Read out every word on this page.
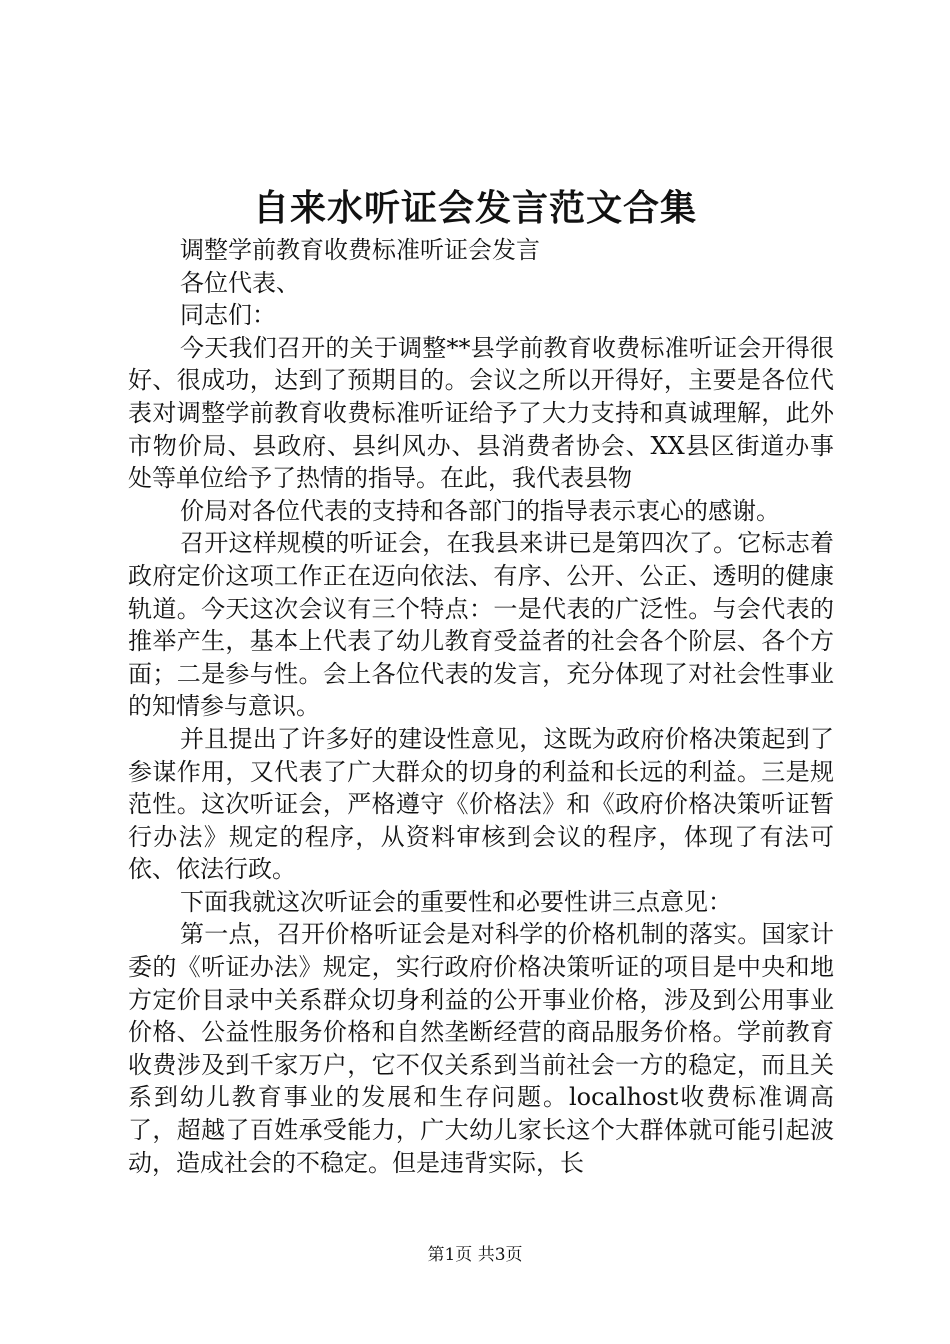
自来水听证会发言范文合集

调整学前教育收费标准听证会发言

各位代表、

同志们：

今天我们召开的关于调整**县学前教育收费标准听证会开得很好、很成功，达到了预期目的。会议之所以开得好，主要是各位代表对调整学前教育收费标准听证给予了大力支持和真诚理解，此外市物价局、县政府、县纠风办、县消费者协会、XX县区街道办事处等单位给予了热情的指导。在此，我代表县物

价局对各位代表的支持和各部门的指导表示衷心的感谢。

召开这样规模的听证会，在我县来讲已是第四次了。它标志着政府定价这项工作正在迈向依法、有序、公开、公正、透明的健康轨道。今天这次会议有三个特点：一是代表的广泛性。与会代表的推举产生，基本上代表了幼儿教育受益者的社会各个阶层、各个方面；二是参与性。会上各位代表的发言，充分体现了对社会性事业的知情参与意识。

并且提出了许多好的建设性意见，这既为政府价格决策起到了参谋作用，又代表了广大群众的切身的利益和长远的利益。三是规范性。这次听证会，严格遵守《价格法》和《政府价格决策听证暂行办法》规定的程序，从资料审核到会议的程序，体现了有法可依、依法行政。

下面我就这次听证会的重要性和必要性讲三点意见：

第一点，召开价格听证会是对科学的价格机制的落实。国家计委的《听证办法》规定，实行政府价格决策听证的项目是中央和地方定价目录中关系群众切身利益的公开事业价格，涉及到公用事业价格、公益性服务价格和自然垄断经营的商品服务价格。学前教育收费涉及到千家万户，它不仅关系到当前社会一方的稳定，而且关系到幼儿教育事业的发展和生存问题。localhost收费标准调高了，超越了百姓承受能力，广大幼儿家长这个大群体就可能引起波动，造成社会的不稳定。但是违背实际，长

第1页 共3页
